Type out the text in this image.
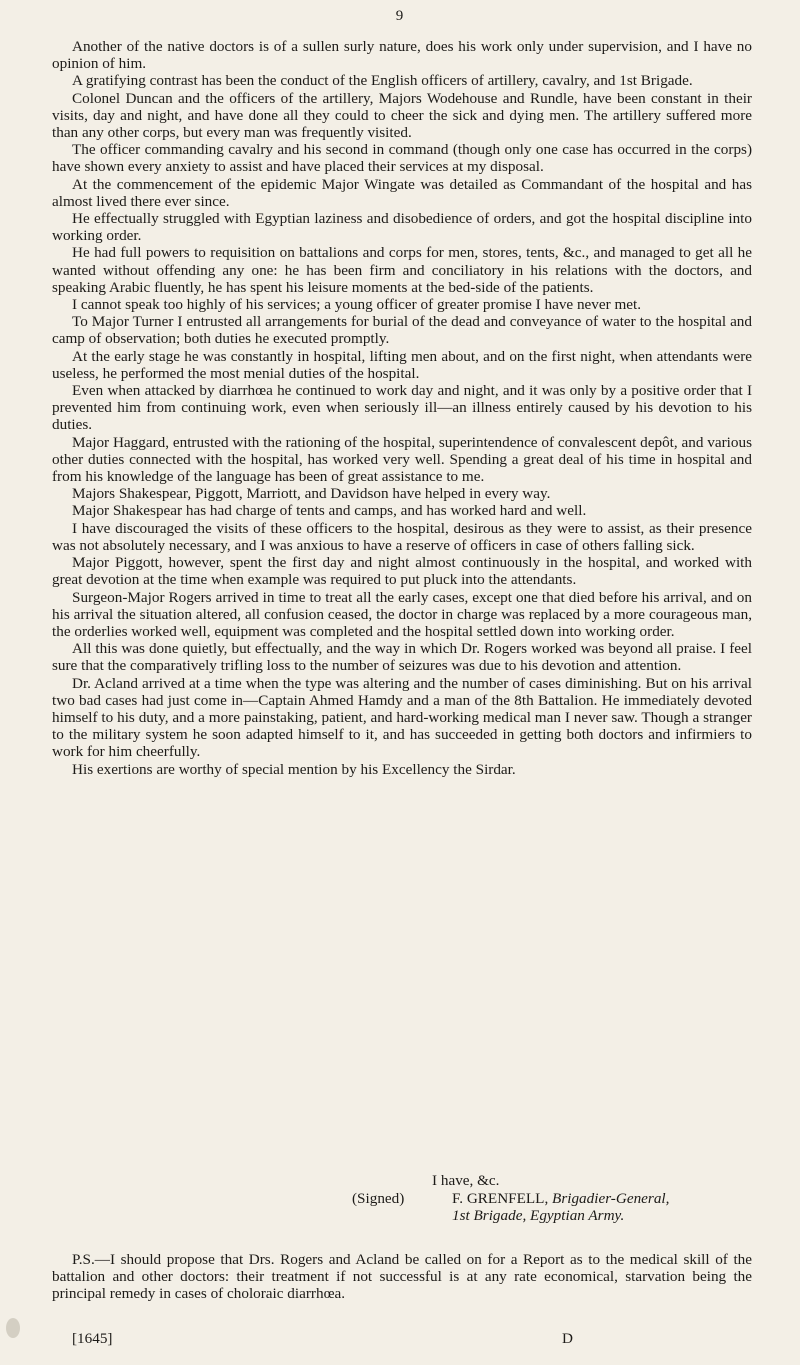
9

Another of the native doctors is of a sullen surly nature, does his work only under supervision, and I have no opinion of him.

A gratifying contrast has been the conduct of the English officers of artillery, cavalry, and 1st Brigade.

Colonel Duncan and the officers of the artillery, Majors Wodehouse and Rundle, have been constant in their visits, day and night, and have done all they could to cheer the sick and dying men. The artillery suffered more than any other corps, but every man was frequently visited.

The officer commanding cavalry and his second in command (though only one case has occurred in the corps) have shown every anxiety to assist and have placed their services at my disposal.

At the commencement of the epidemic Major Wingate was detailed as Commandant of the hospital and has almost lived there ever since.

He effectually struggled with Egyptian laziness and disobedience of orders, and got the hospital discipline into working order.

He had full powers to requisition on battalions and corps for men, stores, tents, &c., and managed to get all he wanted without offending any one: he has been firm and conciliatory in his relations with the doctors, and speaking Arabic fluently, he has spent his leisure moments at the bed-side of the patients.

I cannot speak too highly of his services; a young officer of greater promise I have never met.

To Major Turner I entrusted all arrangements for burial of the dead and conveyance of water to the hospital and camp of observation; both duties he executed promptly.

At the early stage he was constantly in hospital, lifting men about, and on the first night, when attendants were useless, he performed the most menial duties of the hospital.

Even when attacked by diarrhœa he continued to work day and night, and it was only by a positive order that I prevented him from continuing work, even when seriously ill—an illness entirely caused by his devotion to his duties.

Major Haggard, entrusted with the rationing of the hospital, superintendence of convalescent depôt, and various other duties connected with the hospital, has worked very well. Spending a great deal of his time in hospital and from his knowledge of the language has been of great assistance to me.

Majors Shakespear, Piggott, Marriott, and Davidson have helped in every way.

Major Shakespear has had charge of tents and camps, and has worked hard and well.

I have discouraged the visits of these officers to the hospital, desirous as they were to assist, as their presence was not absolutely necessary, and I was anxious to have a reserve of officers in case of others falling sick.

Major Piggott, however, spent the first day and night almost continuously in the hospital, and worked with great devotion at the time when example was required to put pluck into the attendants.

Surgeon-Major Rogers arrived in time to treat all the early cases, except one that died before his arrival, and on his arrival the situation altered, all confusion ceased, the doctor in charge was replaced by a more courageous man, the orderlies worked well, equipment was completed and the hospital settled down into working order.

All this was done quietly, but effectually, and the way in which Dr. Rogers worked was beyond all praise. I feel sure that the comparatively trifling loss to the number of seizures was due to his devotion and attention.

Dr. Acland arrived at a time when the type was altering and the number of cases diminishing. But on his arrival two bad cases had just come in—Captain Ahmed Hamdy and a man of the 8th Battalion. He immediately devoted himself to his duty, and a more painstaking, patient, and hard-working medical man I never saw. Though a stranger to the military system he soon adapted himself to it, and has succeeded in getting both doctors and infirmiers to work for him cheerfully.

His exertions are worthy of special mention by his Excellency the Sirdar.

I have, &c.
(Signed)	F. GRENFELL, Brigadier-General,
1st Brigade, Egyptian Army.

P.S.—I should propose that Drs. Rogers and Acland be called on for a Report as to the medical skill of the battalion and other doctors: their treatment if not successful is at any rate economical, starvation being the principal remedy in cases of choloraic diarrhœa.

[1645]	D
